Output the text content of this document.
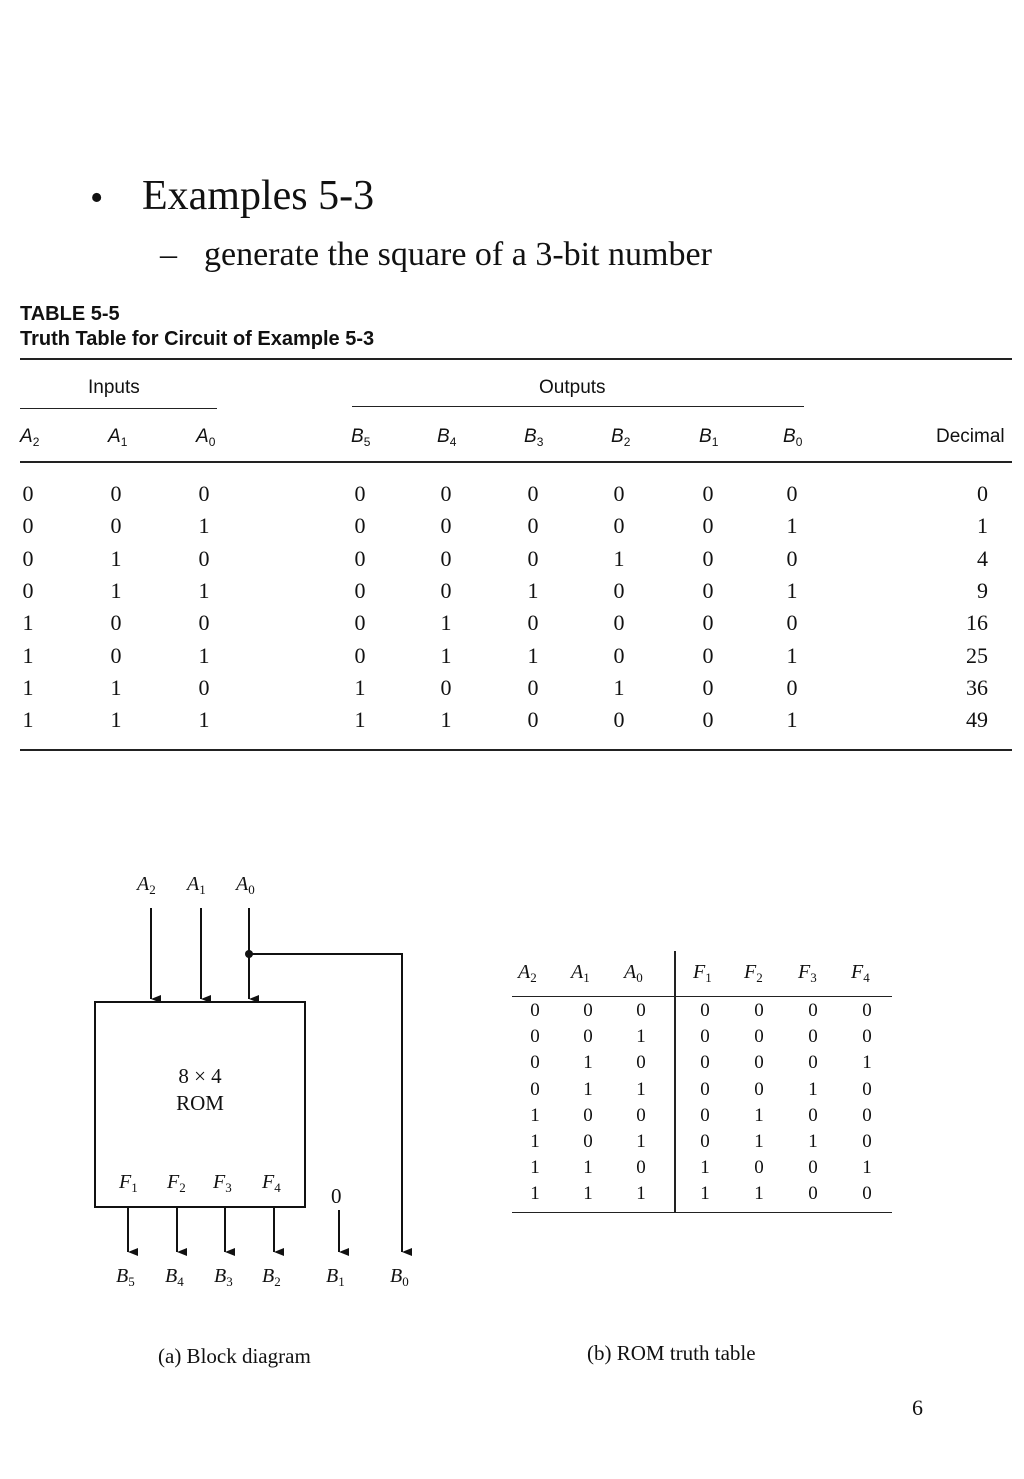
• Examples 5-3
– generate the square of a 3-bit number
TABLE 5-5
Truth Table for Circuit of Example 5-3
Inputs	Outputs
$A_2$	$A_1$	$A_0$	$B_5$	$B_4$	$B_3$	$B_2$	$B_1$	$B_0$	Decimal
0	0	0	0	0	0	0	0	0	0
0	0	1	0	0	0	0	0	1	1
0	1	0	0	0	0	1	0	0	4
0	1	1	0	0	1	0	0	1	9
1	0	0	0	1	0	0	0	0	16
1	0	1	0	1	1	0	0	1	25
1	1	0	1	0	0	1	0	0	36
1	1	1	1	1	0	0	0	1	49
$A_2$ $A_1$ $A_0$
$F_1$ $F_2$ $F_3$ $F_4$
$B_5$ $B_4$ $B_3$ $B_2$ $B_1$ $B_0$
8 × 4
ROM
0
$A_2$ $A_1$ $A_0$	$F_1$ $F_2$ $F_3$ $F_4$
0	0	0	0	0	0	0
0	0	1	0	0	0	0
0	1	0	0	0	0	1
0	1	1	0	0	1	0
1	0	0	0	1	0	0
1	0	1	0	1	1	0
1	1	0	1	0	0	1
1	1	1	1	1	0	0
(a) Block diagram	(b) ROM truth table
6
